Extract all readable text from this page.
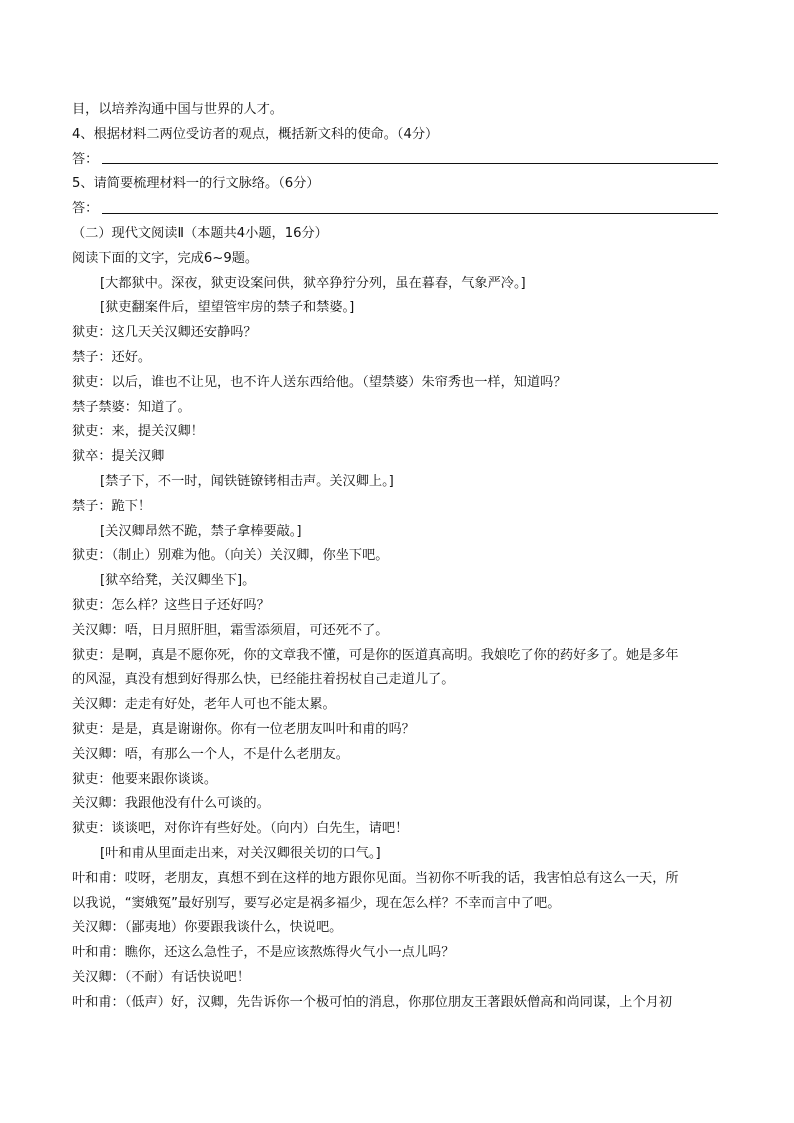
目，以培养沟通中国与世界的人才。
4、根据材料二两位受访者的观点，概括新文科的使命。（4分）
答：
5、请简要梳理材料一的行文脉络。（6分）
答：
（二）现代文阅读Ⅱ（本题共4小题，16分）
阅读下面的文字，完成6~9题。
[大都狱中。深夜，狱吏设案问供，狱卒狰狞分列，虽在暮春，气象严冷。]
[狱吏翻案件后，望望管牢房的禁子和禁婆。]
狱吏：这几天关汉卿还安静吗？
禁子：还好。
狱吏：以后，谁也不让见，也不许人送东西给他。（望禁婆）朱帘秀也一样，知道吗？
禁子禁婆：知道了。
狱吏：来，提关汉卿！
狱卒：提关汉卿
[禁子下，不一时，闻铁链镣铐相击声。关汉卿上。]
禁子：跪下！
[关汉卿昂然不跪，禁子拿棒要敲。]
狱吏：（制止）别难为他。（向关）关汉卿，你坐下吧。
[狱卒给凳，关汉卿坐下]。
狱吏：怎么样？这些日子还好吗？
关汉卿：唔，日月照肝胆，霜雪添须眉，可还死不了。
狱吏：是啊，真是不愿你死，你的文章我不懂，可是你的医道真高明。我娘吃了你的药好多了。她是多年
的风湿，真没有想到好得那么快，已经能拄着拐杖自己走道儿了。
关汉卿：走走有好处，老年人可也不能太累。
狱吏：是是，真是谢谢你。你有一位老朋友叫叶和甫的吗？
关汉卿：唔，有那么一个人，不是什么老朋友。
狱吏：他要来跟你谈谈。
关汉卿：我跟他没有什么可谈的。
狱吏：谈谈吧，对你许有些好处。（向内）白先生，请吧！
[叶和甫从里面走出来，对关汉卿很关切的口气。]
叶和甫：哎呀，老朋友，真想不到在这样的地方跟你见面。当初你不听我的话，我害怕总有这么一天，所
以我说，“窦娥冤”最好别写，要写必定是祸多福少，现在怎么样？不幸而言中了吧。
关汉卿：（鄙夷地）你要跟我谈什么，快说吧。
叶和甫：瞧你，还这么急性子，不是应该熬炼得火气小一点儿吗？
关汉卿：（不耐）有话快说吧！
叶和甫：（低声）好，汉卿，先告诉你一个极可怕的消息，你那位朋友王著跟妖僧高和尚同谋，上个月初
